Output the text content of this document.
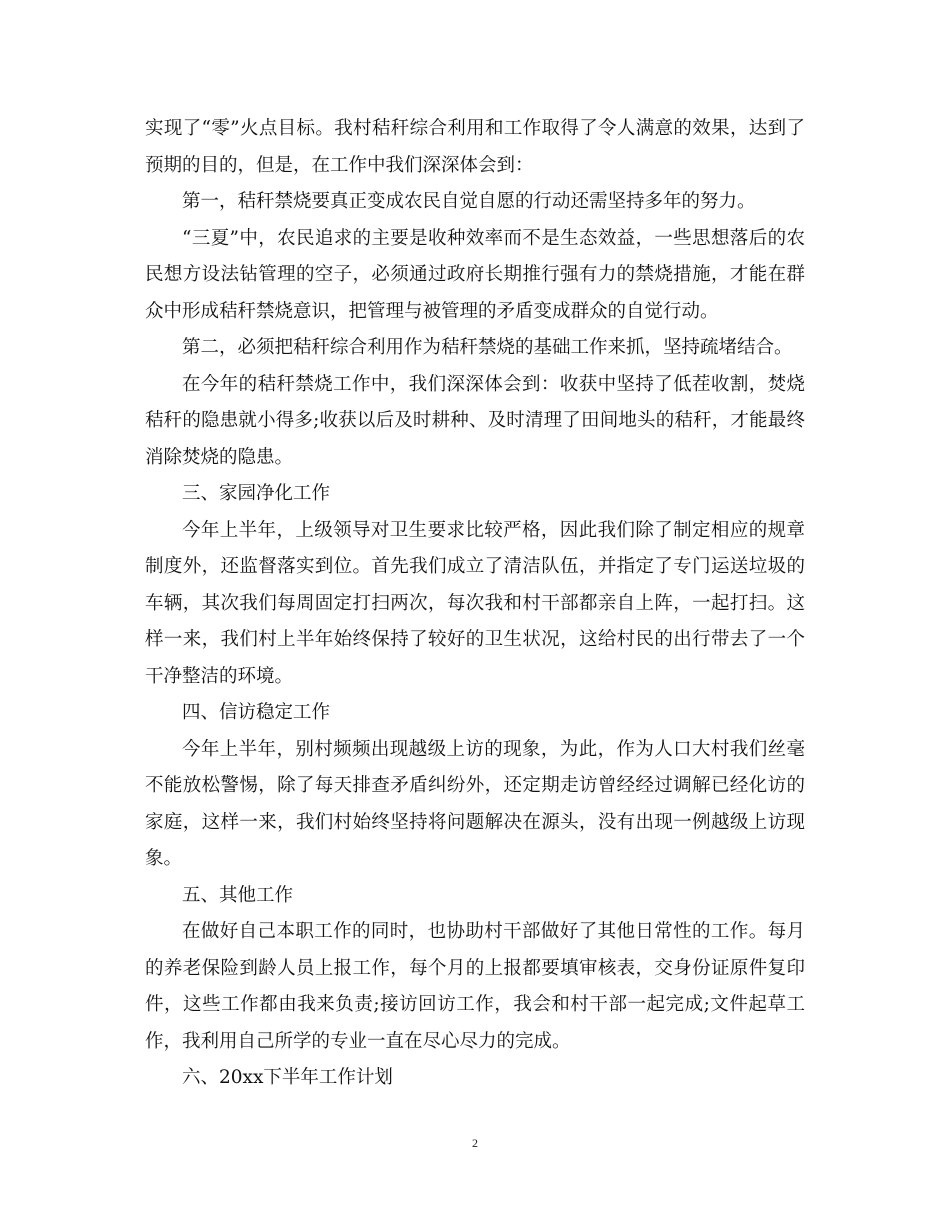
实现了“零”火点目标。我村秸秆综合利用和工作取得了令人满意的效果，达到了预期的目的，但是，在工作中我们深深体会到：

第一，秸秆禁烧要真正变成农民自觉自愿的行动还需坚持多年的努力。

“三夏”中，农民追求的主要是收种效率而不是生态效益，一些思想落后的农民想方设法钻管理的空子，必须通过政府长期推行强有力的禁烧措施，才能在群众中形成秸秆禁烧意识，把管理与被管理的矛盾变成群众的自觉行动。

第二，必须把秸秆综合利用作为秸秆禁烧的基础工作来抓，坚持疏堵结合。

在今年的秸秆禁烧工作中，我们深深体会到：收获中坚持了低茬收割，焚烧秸秆的隐患就小得多;收获以后及时耕种、及时清理了田间地头的秸秆，才能最终消除焚烧的隐患。

三、家园净化工作

今年上半年，上级领导对卫生要求比较严格，因此我们除了制定相应的规章制度外，还监督落实到位。首先我们成立了清洁队伍，并指定了专门运送垃圾的车辆，其次我们每周固定打扫两次，每次我和村干部都亲自上阵，一起打扫。这样一来，我们村上半年始终保持了较好的卫生状况，这给村民的出行带去了一个干净整洁的环境。

四、信访稳定工作

今年上半年，别村频频出现越级上访的现象，为此，作为人口大村我们丝毫不能放松警惕，除了每天排查矛盾纠纷外，还定期走访曾经经过调解已经化访的家庭，这样一来，我们村始终坚持将问题解决在源头，没有出现一例越级上访现象。

五、其他工作

在做好自己本职工作的同时，也协助村干部做好了其他日常性的工作。每月的养老保险到龄人员上报工作，每个月的上报都要填审核表，交身份证原件复印件，这些工作都由我来负责;接访回访工作，我会和村干部一起完成;文件起草工作，我利用自己所学的专业一直在尽心尽力的完成。

六、20xx下半年工作计划

2
